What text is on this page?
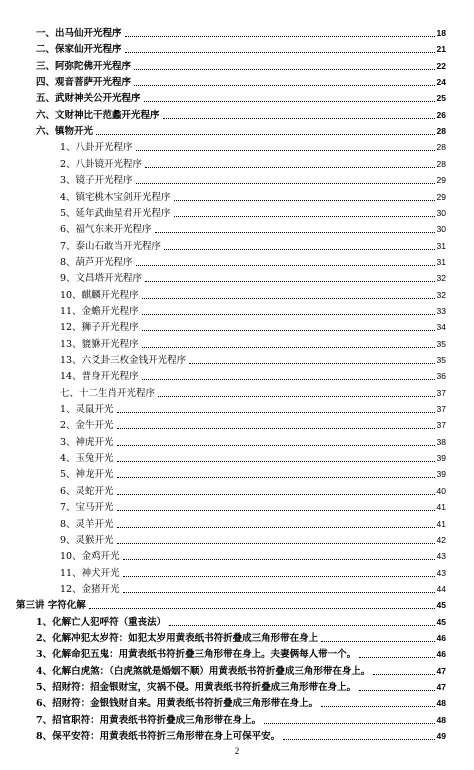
一、出马仙开光程序	18
二、保家仙开光程序	21
三、阿弥陀佛开光程序	22
四、观音菩萨开光程序	24
五、武财神关公开光程序	25
六、文财神比干范蠡开光程序	26
六、镇物开光	28
1、八卦开光程序	28
2、八卦镜开光程序	28
3、镜子开光程序	29
4、镇宅桃木宝剑开光程序	29
5、延年武曲星君开光程序	30
6、福气东来开光程序	30
7、泰山石敢当开光程序	31
8、葫芦开光程序	31
9、文昌塔开光程序	32
10、麒麟开光程序	32
11、金蟾开光程序	33
12、狮子开光程序	34
13、貔貅开光程序	35
13、六爻卦三枚金钱开光程序	35
14、普身开光程序	36
七、十二生肖开光程序	37
1、灵鼠开光	37
2、金牛开光	37
3、神虎开光	38
4、玉兔开光	39
5、神龙开光	39
6、灵蛇开光	40
7、宝马开光	41
8、灵羊开光	41
9、灵猴开光	42
10、金鸡开光	43
11、神犬开光	43
12、金猪开光	44
第三讲 字符化解	45
1、化解亡人犯呼符（重丧法）	45
2、化解冲犯太岁符：如犯太岁用黄表纸书符折叠成三角形带在身上	46
3、化解命犯五鬼：用黄表纸书符折叠三角形带在身上。夫妻俩每人带一个。	46
4、化解白虎煞：（白虎煞就是婚姻不顺）用黄表纸书符折叠成三角形带在身上。	47
5、招财符：招金银财宝，灾祸不侵。用黄表纸书符折叠成三角形带在身上。	47
6、招财符：金银钱财自来。用黄表纸书符折叠成三角形带在身上。	48
7、招官职符：用黄表纸书符折叠成三角形带在身上。	48
8、保平安符：用黄表纸书符折三角形带在身上可保平安。	49
2
